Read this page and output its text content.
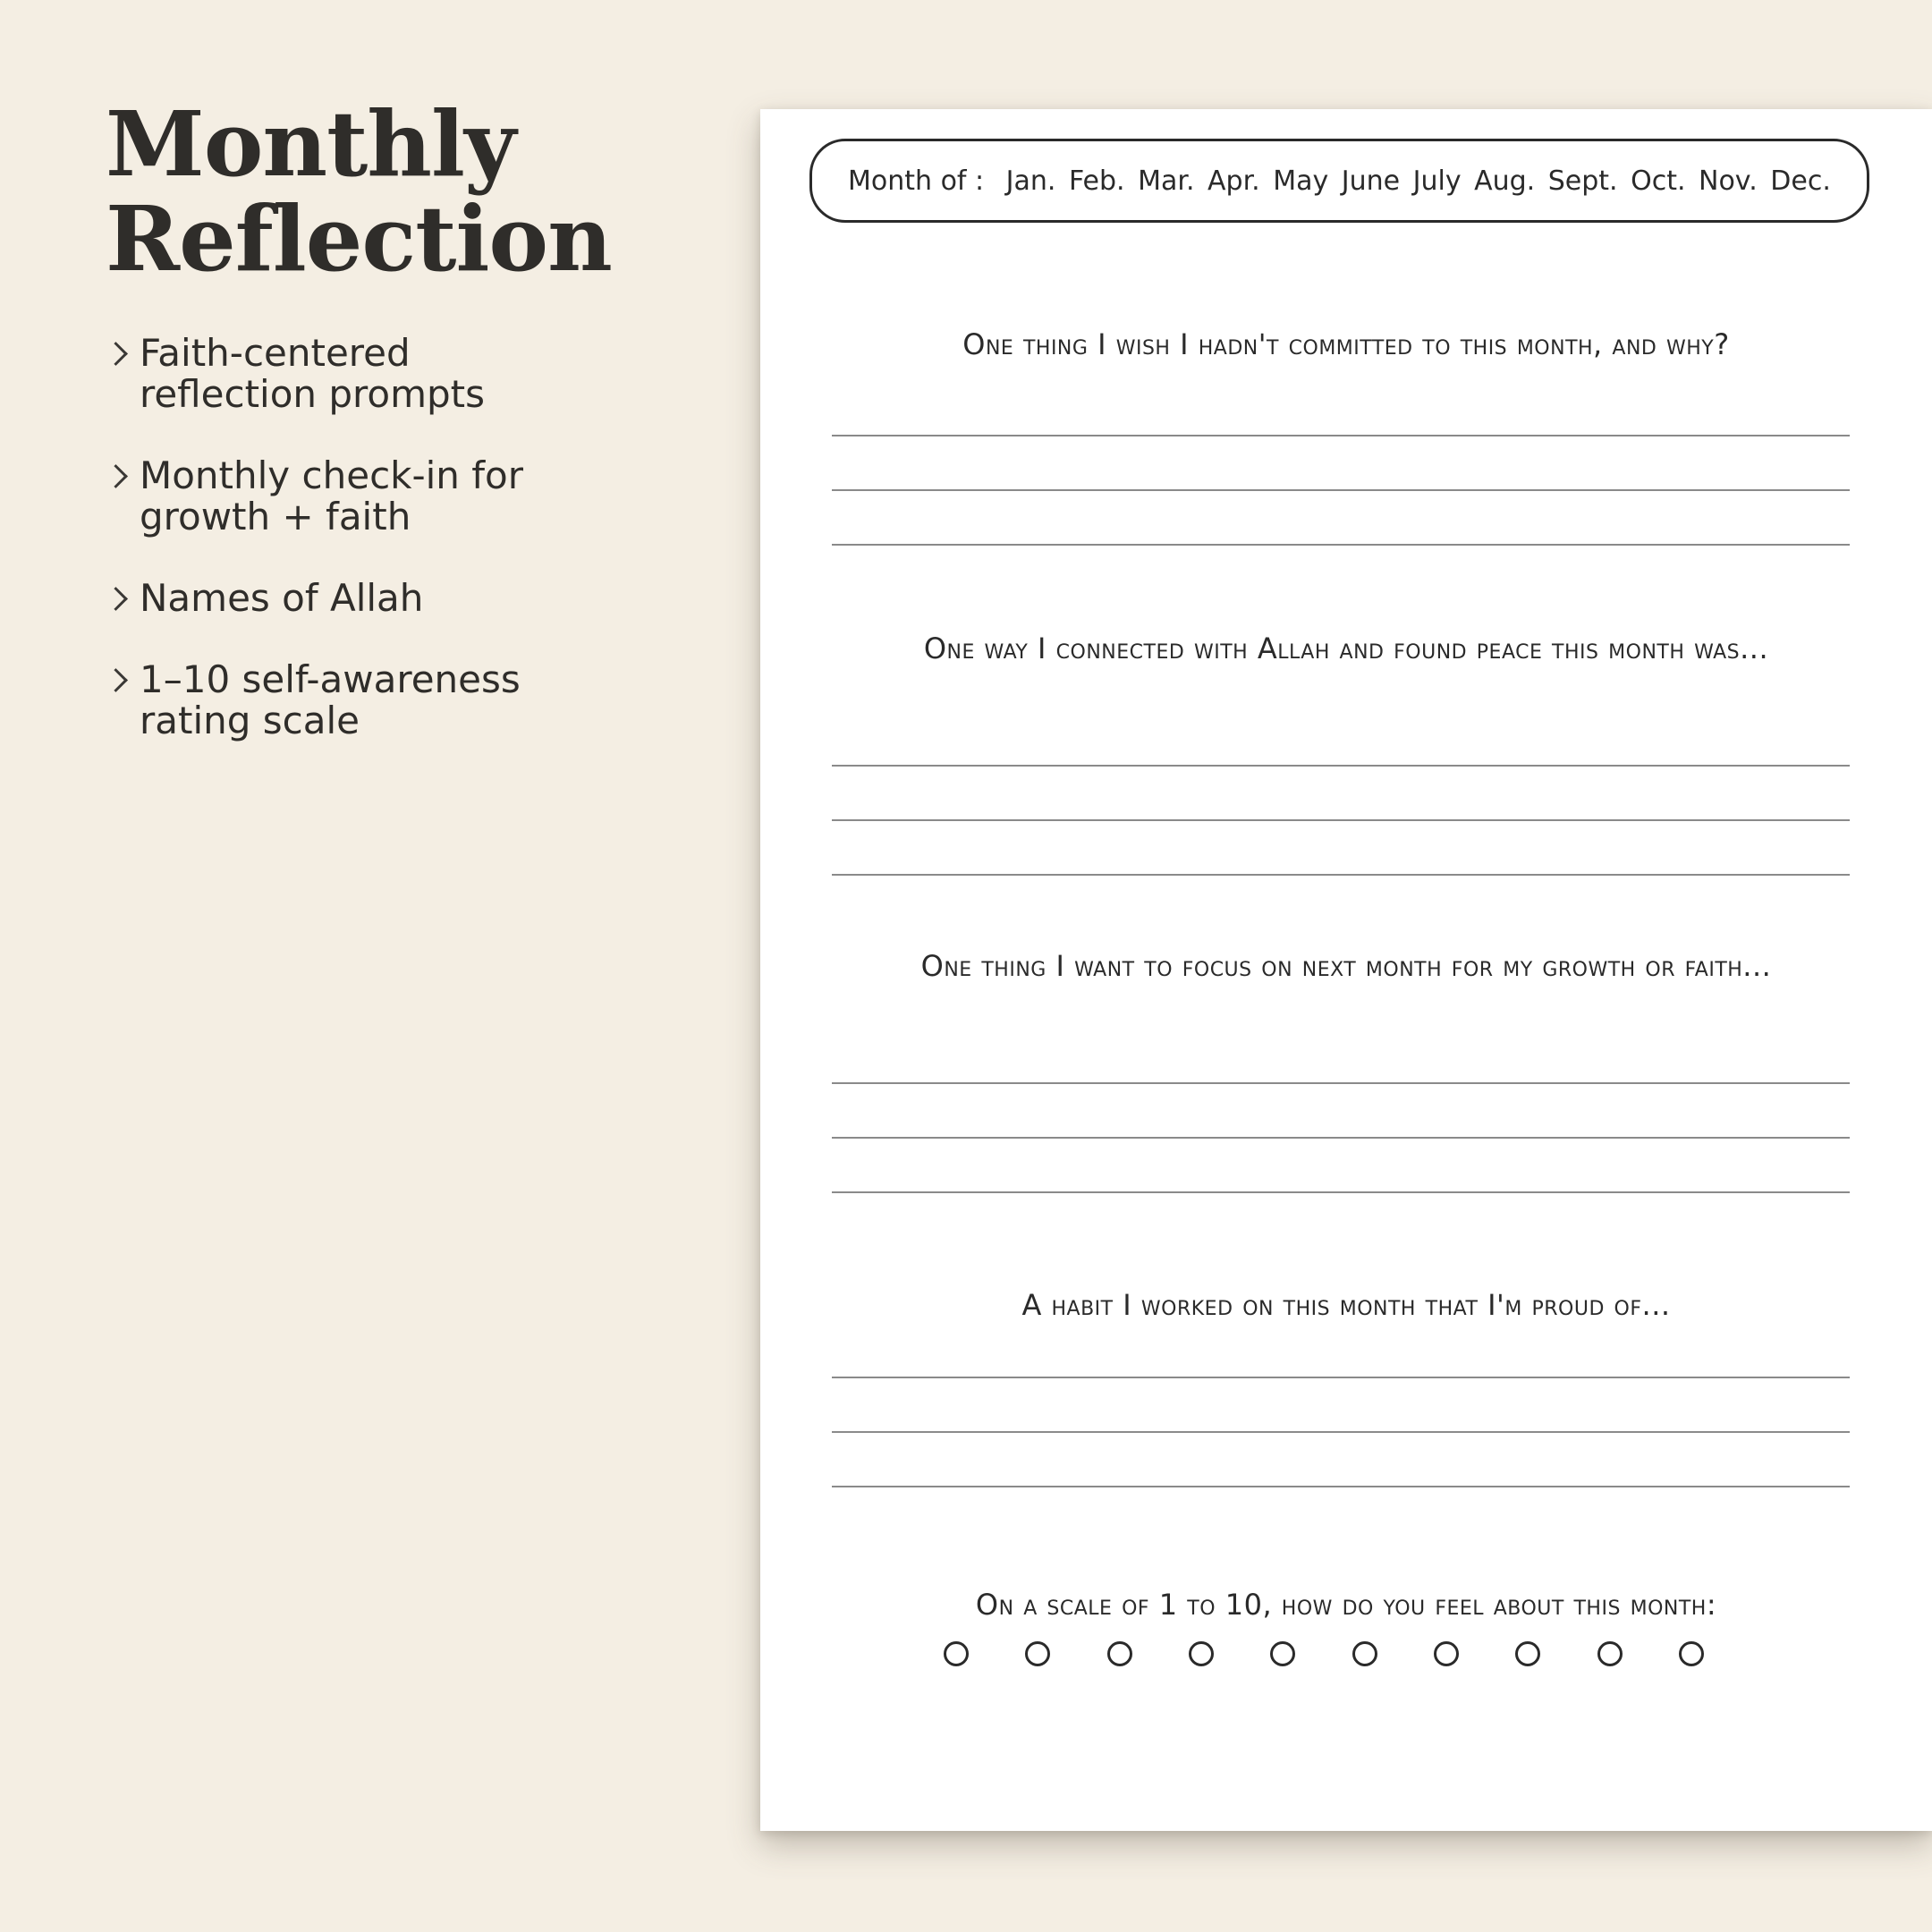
Monthly
Reflection
Faith-centered
reflection prompts
Monthly check-in for
growth + faith
Names of Allah
1–10 self-awareness
rating scale
Month of : Jan. Feb. Mar. Apr. May June July Aug. Sept. Oct. Nov. Dec.
One thing I wish I hadn't committed to this month, and why?
One way I connected with Allah and found peace this month was...
One thing I want to focus on next month for my growth or faith...
A habit I worked on this month that I'm proud of...
On a scale of 1 to 10, how do you feel about this month:
